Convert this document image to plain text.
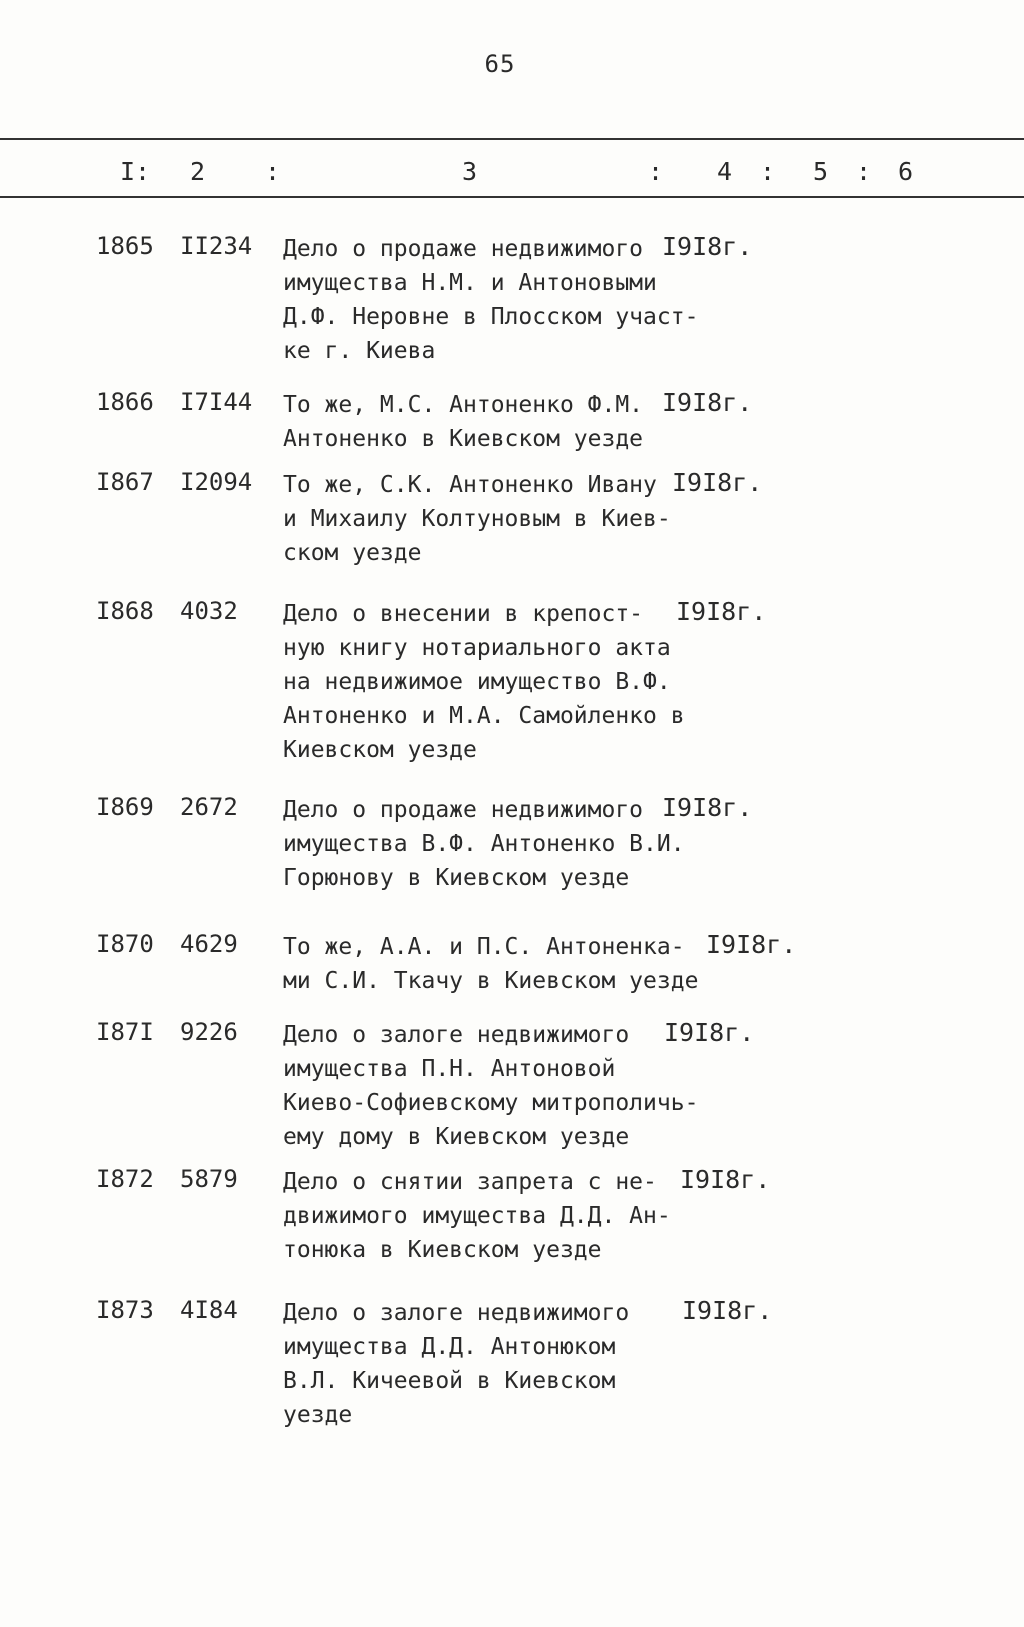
65
I: 2 :	3	: 4 : 5 : 6
1865 II234 Дело о продаже недвижимого
имущества Н.М. и Антоновыми
Д.Ф. Неровне в Плосском участ-
ке г. Киева
I9I8г.
1866 I7I44 То же, М.С. Антоненко Ф.М.
Антоненко в Киевском уезде
I9I8г.
I867 I2094 То же, С.К. Антоненко Ивану
и Михаилу Колтуновым в Киев-
ском уезде
I9I8г.
I868 4032 Дело о внесении в крепост-
ную книгу нотариального акта
на недвижимое имущество В.Ф.
Антоненко и М.А. Самойленко в
Киевском уезде
I9I8г.
I869 2672 Дело о продаже недвижимого
имущества В.Ф. Антоненко В.И.
Горюнову в Киевском уезде
I9I8г.
I870 4629 То же, А.А. и П.С. Антоненка-
ми С.И. Ткачу в Киевском уезде
I9I8г.
I87I 9226 Дело о залоге недвижимого
имущества П.Н. Антоновой
Киево-Софиевскому митрополичь-
ему дому в Киевском уезде
I9I8г.
I872 5879 Дело о снятии запрета с не-
движимого имущества Д.Д. Ан-
тонюка в Киевском уезде
I9I8г.
I873 4I84 Дело о залоге недвижимого
имущества Д.Д. Антонюком
В.Л. Кичеевой в Киевском
уезде
I9I8г.
